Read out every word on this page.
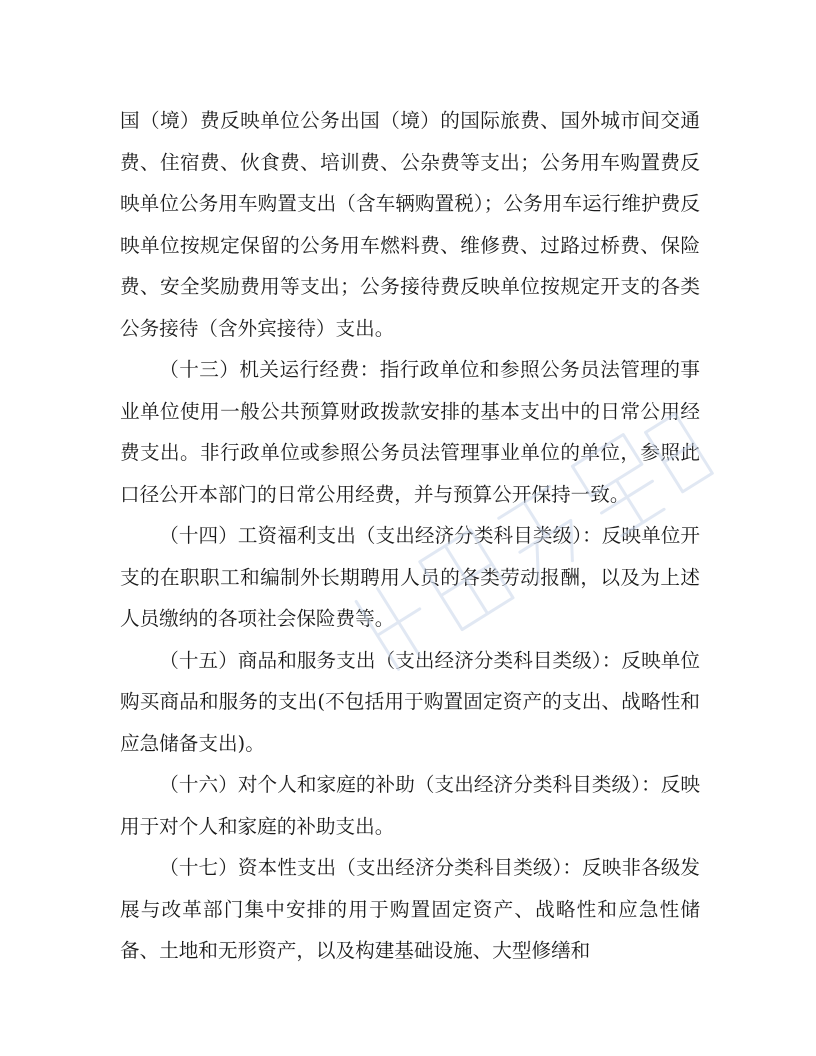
国（境）费反映单位公务出国（境）的国际旅费、国外城市间交通费、住宿费、伙食费、培训费、公杂费等支出；公务用车购置费反映单位公务用车购置支出（含车辆购置税）；公务用车运行维护费反映单位按规定保留的公务用车燃料费、维修费、过路过桥费、保险费、安全奖励费用等支出；公务接待费反映单位按规定开支的各类公务接待（含外宾接待）支出。

（十三）机关运行经费：指行政单位和参照公务员法管理的事业单位使用一般公共预算财政拨款安排的基本支出中的日常公用经费支出。非行政单位或参照公务员法管理事业单位的单位，参照此口径公开本部门的日常公用经费，并与预算公开保持一致。

（十四）工资福利支出（支出经济分类科目类级）：反映单位开支的在职职工和编制外长期聘用人员的各类劳动报酬，以及为上述人员缴纳的各项社会保险费等。

（十五）商品和服务支出（支出经济分类科目类级）：反映单位购买商品和服务的支出(不包括用于购置固定资产的支出、战略性和应急储备支出)。

（十六）对个人和家庭的补助（支出经济分类科目类级）：反映用于对个人和家庭的补助支出。

（十七）资本性支出（支出经济分类科目类级）：反映非各级发展与改革部门集中安排的用于购置固定资产、战略性和应急性储备、土地和无形资产，以及构建基础设施、大型修缮和
